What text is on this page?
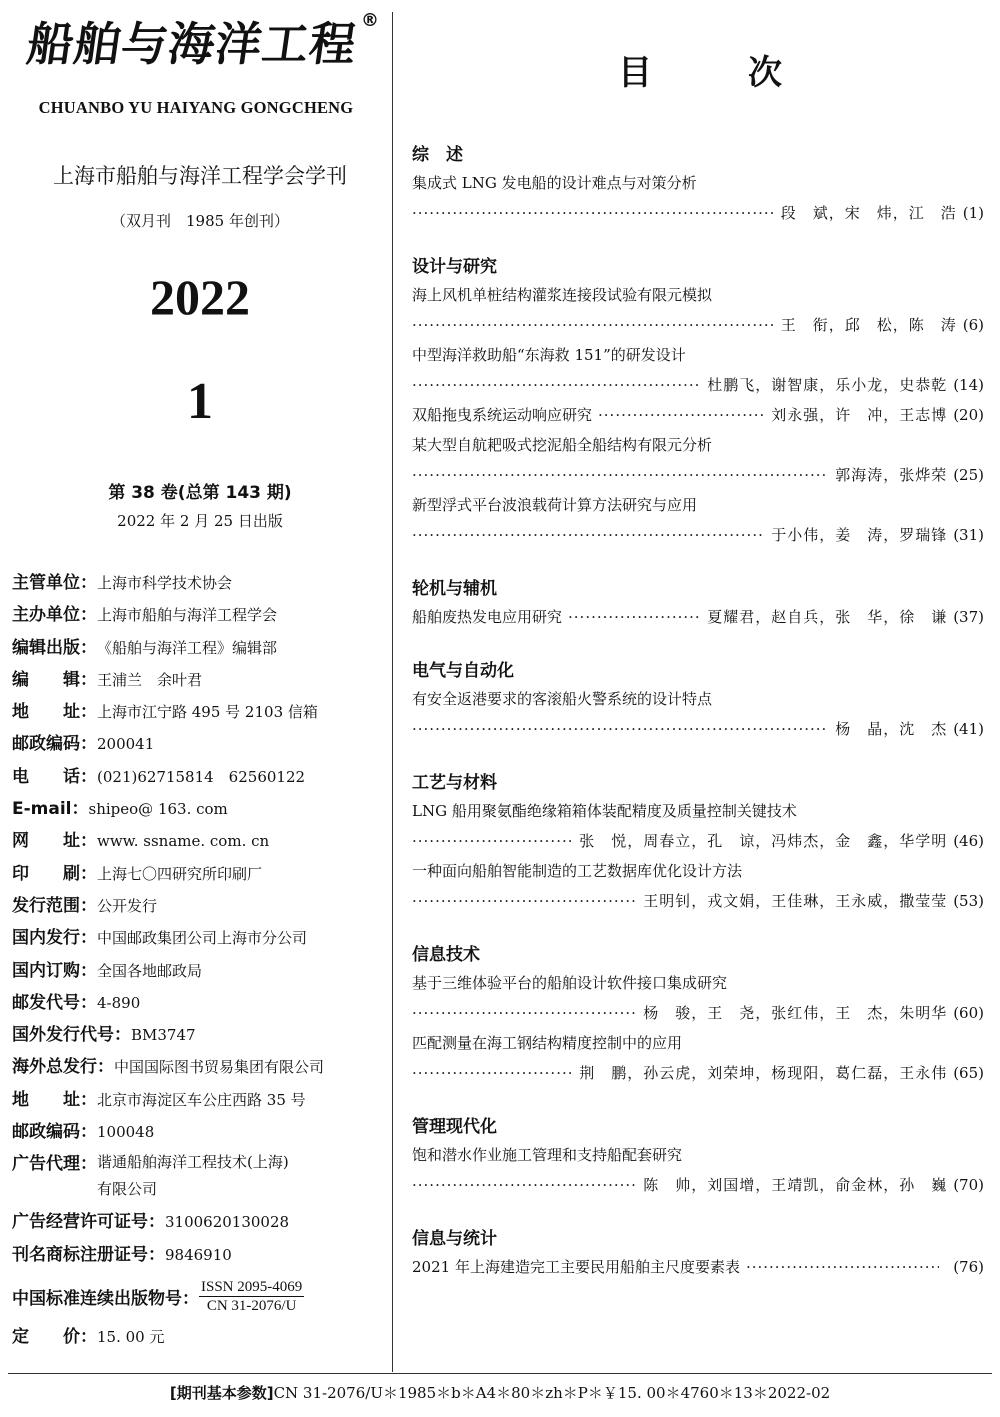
船舶与海洋工程 ®
CHUANBO YU HAIYANG GONGCHENG
上海市船舶与海洋工程学会学刊
（双月刊　1985 年创刊）
2022
1
第 38 卷(总第 143 期)
2022 年 2 月 25 日出版
主管单位： 上海市科学技术协会
主办单位： 上海市船舶与海洋工程学会
编辑出版： 《船舶与海洋工程》编辑部
编　　辑： 王浦兰　余叶君
地　　址： 上海市江宁路 495 号 2103 信箱
邮政编码： 200041
电　　话： (021)62715814　62560122
E-mail： shipeo@ 163. com
网　　址： www. ssname. com. cn
印　　刷： 上海七〇四研究所印刷厂
发行范围： 公开发行
国内发行： 中国邮政集团公司上海市分公司
国内订购： 全国各地邮政局
邮发代号： 4-890
国外发行代号： BM3747
海外总发行： 中国国际图书贸易集团有限公司
地　　址： 北京市海淀区车公庄西路 35 号
邮政编码： 100048
广告代理： 谐通船舶海洋工程技术(上海)
有限公司
广告经营许可证号： 3100620130028
刊名商标注册证号： 9846910
中国标准连续出版物号：
ISSN 2095-4069
CN 31-2076/U
定　　价： 15. 00 元
目次
综　述
集成式 LNG 发电船的设计难点与对策分析
·····
段　斌，宋　炜，江　浩 (1)
设计与研究
海上风机单桩结构灌浆连接段试验有限元模拟
·····
王　衔，邱　松，陈　涛 (6)
中型海洋救助船“东海救 151”的研发设计
·····
杜鹏飞，谢智康，乐小龙，史恭乾 (14)
双船拖曳系统运动响应研究 ·····	刘永强，许　冲，王志博 (20)
某大型自航耙吸式挖泥船全船结构有限元分析
·····
郭海涛，张烨荣 (25)
新型浮式平台波浪载荷计算方法研究与应用
·····
于小伟，姜　涛，罗瑞锋 (31)
轮机与辅机
船舶废热发电应用研究 ·····	夏耀君，赵自兵，张　华，徐　谦 (37)
电气与自动化
有安全返港要求的客滚船火警系统的设计特点
·····
杨　晶，沈　杰 (41)
工艺与材料
LNG 船用聚氨酯绝缘箱箱体装配精度及质量控制关键技术
·····
张　悦，周春立，孔　谅，冯炜杰，金　鑫，华学明 (46)
一种面向船舶智能制造的工艺数据库优化设计方法
·····
王明钊，戎文娟，王佳琳，王永威，撒莹莹 (53)
信息技术
基于三维体验平台的船舶设计软件接口集成研究
·····
杨　骏，王　尧，张红伟，王　杰，朱明华 (60)
匹配测量在海工钢结构精度控制中的应用
·····
荆　鹏，孙云虎，刘荣坤，杨现阳，葛仁磊，王永伟 (65)
管理现代化
饱和潜水作业施工管理和支持船配套研究
·····
陈　帅，刘国增，王靖凯，俞金林，孙　巍 (70)
信息与统计
2021 年上海建造完工主要民用船舶主尺度要素表 ·····	(76)
[期刊基本参数]CN 31-2076/U＊1985＊b＊A4＊80＊zh＊P＊￥15. 00＊4760＊13＊2022-02
